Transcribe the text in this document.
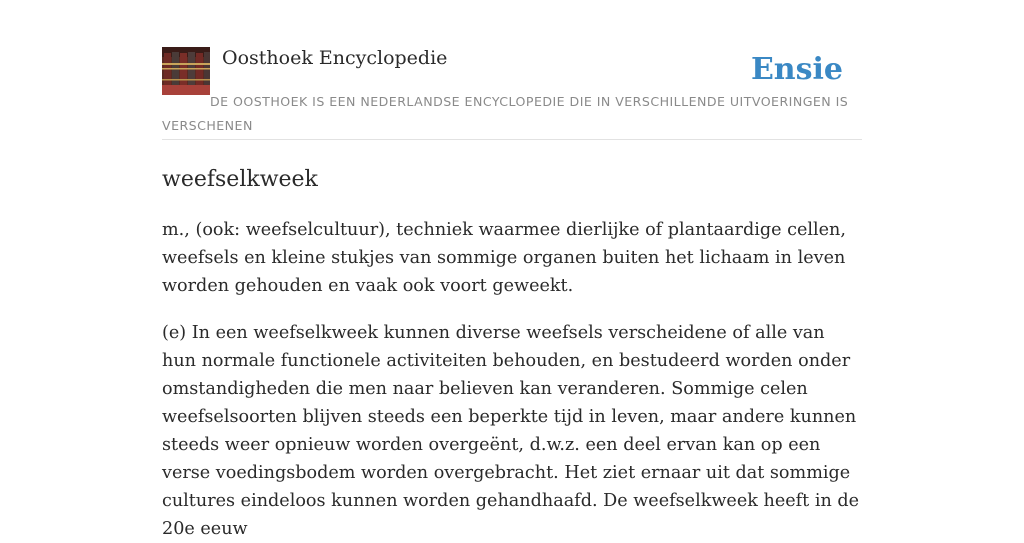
Oosthoek Encyclopedie	Ensie
DE OOSTHOEK IS EEN NEDERLANDSE ENCYCLOPEDIE DIE IN VERSCHILLENDE UITVOERINGEN IS VERSCHENEN
weefselkweek

m., (ook: weefselcultuur), techniek waarmee dierlijke of plantaardige cellen, weefsels en kleine stukjes van sommige organen buiten het lichaam in leven worden gehouden en vaak ook voort geweekt.

(e) In een weefselkweek kunnen diverse weefsels verscheidene of alle van hun normale functionele activiteiten behouden, en bestudeerd worden onder omstandigheden die men naar believen kan veranderen. Sommige celen weefselsoorten blijven steeds een beperkte tijd in leven, maar andere kunnen steeds weer opnieuw worden overgeënt, d.w.z. een deel ervan kan op een verse voedingsbodem worden overgebracht. Het ziet ernaar uit dat sommige cultures eindeloos kunnen worden gehandhaafd. De weefselkweek heeft in de 20e eeuw
